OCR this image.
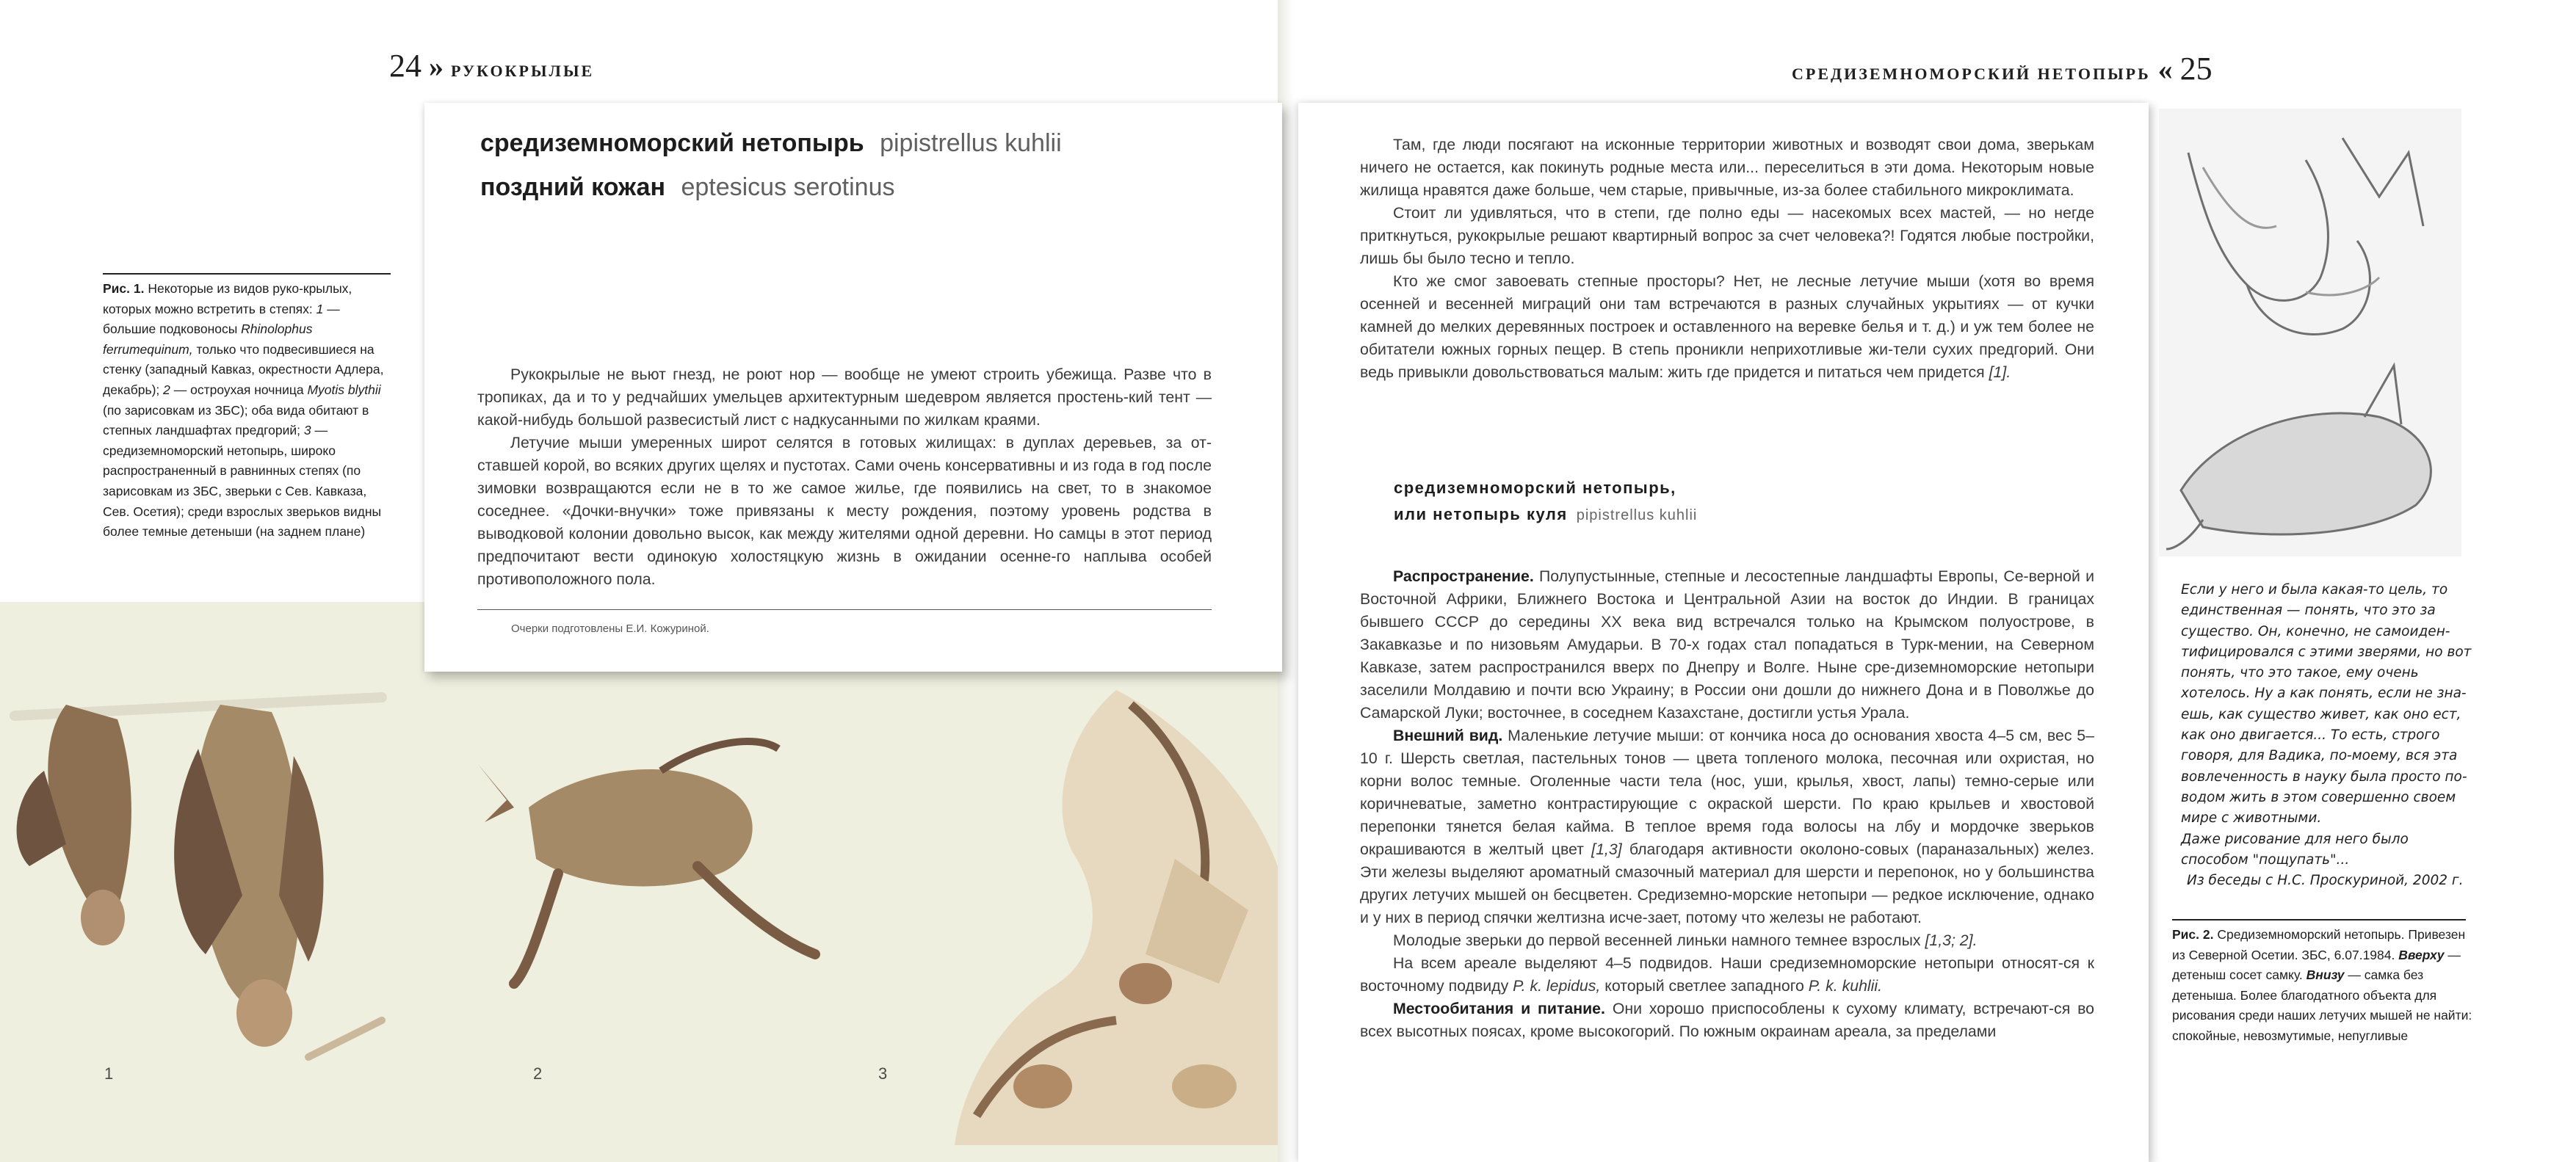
24 » РУКОКРЫЛЫЕ
Рис. 1. Некоторые из видов руко-крылых, которых можно встретить в степях: 1 — большие подковоносы Rhinolophus ferrumequinum, только что подвесившиеся на стенку (западный Кавказ, окрестности Адлера, декабрь); 2 — остроухая ночница Myotis blythii (по зарисовкам из ЗБС); оба вида обитают в степных ландшафтах предгорий; 3 — средиземноморский нетопырь, широко распространенный в равнинных степях (по зарисовкам из ЗБС, зверьки с Сев. Кавказа, Сев. Осетия); среди взрослых зверьков видны более темные детеныши (на заднем плане)
1	2	3
средиземноморский нетопырь pipistrellus kuhlii
поздний кожан eptesicus serotinus

Рукокрылые не вьют гнезд, не роют нор — вообще не умеют строить убежища. Разве что в тропиках, да и то у редчайших умельцев архитектурным шедевром является простень-кий тент — какой-нибудь большой развесистый лист с надкусанными по жилкам краями.

Летучие мыши умеренных широт селятся в готовых жилищах: в дуплах деревьев, за от-ставшей корой, во всяких других щелях и пустотах. Сами очень консервативны и из года в год после зимовки возвращаются если не в то же самое жилье, где появились на свет, то в знакомое соседнее. «Дочки-внучки» тоже привязаны к месту рождения, поэтому уровень родства в выводковой колонии довольно высок, как между жителями одной деревни. Но самцы в этот период предпочитают вести одинокую холостяцкую жизнь в ожидании осенне-го наплыва особей противоположного пола.

Очерки подготовлены Е.И. Кожуриной.
СРЕДИЗЕМНОМОРСКИЙ НЕТОПЫРЬ « 25

Там, где люди посягают на исконные территории животных и возводят свои дома, зверькам ничего не остается, как покинуть родные места или... переселиться в эти дома. Некоторым новые жилища нравятся даже больше, чем старые, привычные, из-за более стабильного микроклимата.

Стоит ли удивляться, что в степи, где полно еды — насекомых всех мастей, — но негде приткнуться, рукокрылые решают квартирный вопрос за счет человека?! Годятся любые постройки, лишь бы было тесно и тепло.

Кто же смог завоевать степные просторы? Нет, не лесные летучие мыши (хотя во время осенней и весенней миграций они там встречаются в разных случайных укрытиях — от кучки камней до мелких деревянных построек и оставленного на веревке белья и т. д.) и уж тем более не обитатели южных горных пещер. В степь проникли неприхотливые жи-тели сухих предгорий. Они ведь привыкли довольствоваться малым: жить где придется и питаться чем придется [1].

средиземноморский нетопырь,
или нетопырь куля pipistrellus kuhlii

Распространение. Полупустынные, степные и лесостепные ландшафты Европы, Се-верной и Восточной Африки, Ближнего Востока и Центральной Азии на восток до Индии. В границах бывшего СССР до середины XX века вид встречался только на Крымском полуострове, в Закавказье и по низовьям Амударьи. В 70-х годах стал попадаться в Турк-мении, на Северном Кавказе, затем распространился вверх по Днепру и Волге. Ныне сре-диземноморские нетопыри заселили Молдавию и почти всю Украину; в России они дошли до нижнего Дона и в Поволжье до Самарской Луки; восточнее, в соседнем Казахстане, достигли устья Урала.

Внешний вид. Маленькие летучие мыши: от кончика носа до основания хвоста 4–5 см, вес 5–10 г. Шерсть светлая, пастельных тонов — цвета топленого молока, песочная или охристая, но корни волос темные. Оголенные части тела (нос, уши, крылья, хвост, лапы) темно-серые или коричневатые, заметно контрастирующие с окраской шерсти. По краю крыльев и хвостовой перепонки тянется белая кайма. В теплое время года волосы на лбу и мордочке зверьков окрашиваются в желтый цвет [1,3] благодаря активности околоно-совых (параназальных) желез. Эти железы выделяют ароматный смазочный материал для шерсти и перепонок, но у большинства других летучих мышей он бесцветен. Средиземно-морские нетопыри — редкое исключение, однако и у них в период спячки желтизна исче-зает, потому что железы не работают.

Молодые зверьки до первой весенней линьки намного темнее взрослых [1,3; 2].

На всем ареале выделяют 4–5 подвидов. Наши средиземноморские нетопыри относят-ся к восточному подвиду P. k. lepidus, который светлее западного P. k. kuhlii.

Местообитания и питание. Они хорошо приспособлены к сухому климату, встречают-ся во всех высотных поясах, кроме высокогорий. По южным окраинам ареала, за пределами

Если у него и была какая-то цель, то единственная — понять, что это за существо. Он, конечно, не самоиден-тифицировался с этими зверями, но вот понять, что это такое, ему очень хотелось. Ну а как понять, если не зна-ешь, как существо живет, как оно ест, как оно двигается... То есть, строго говоря, для Вадика, по-моему, вся эта вовлеченность в науку была просто по-водом жить в этом совершенно своем мире с животными.

Даже рисование для него было способом "пощупать"...

Из беседы с Н.С. Проскуриной, 2002 г.

Рис. 2. Средиземноморский нетопырь. Привезен из Северной Осетии. ЗБС, 6.07.1984. Вверху — детеныш сосет самку. Внизу — самка без детеныша. Более благодатного объекта для рисования среди наших летучих мышей не найти: спокойные, невозмутимые, непугливые
